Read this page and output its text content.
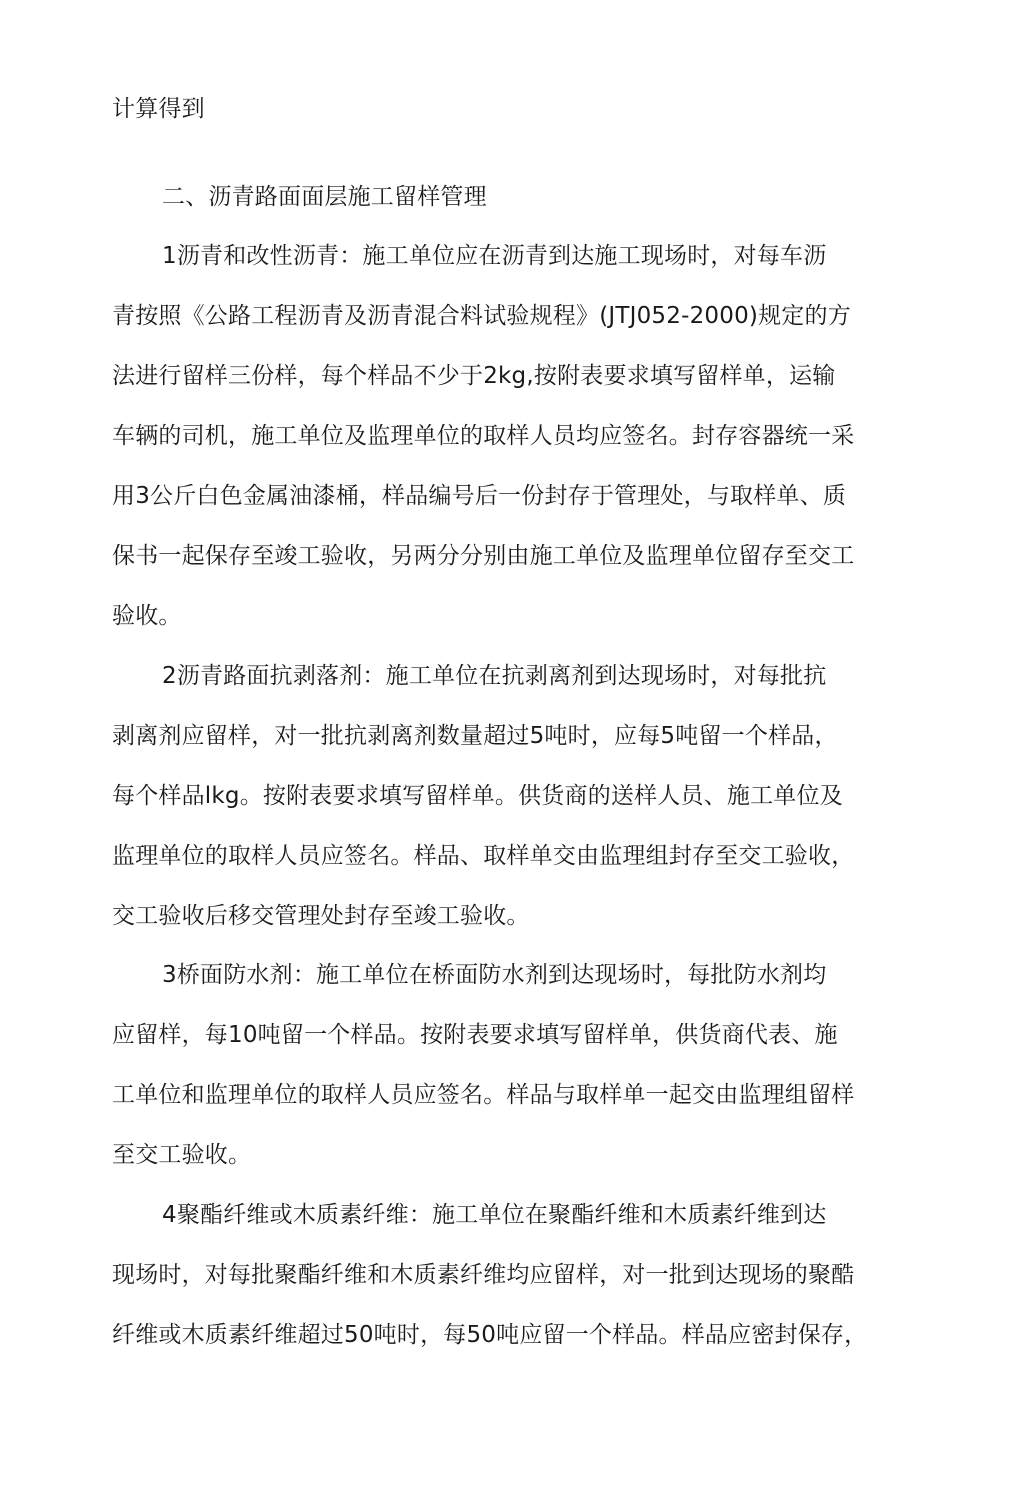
计算得到
二、沥青路面面层施工留样管理
1沥青和改性沥青：施工单位应在沥青到达施工现场时，对每车沥
青按照《公路工程沥青及沥青混合料试验规程》(JTJ052-2000)规定的方
法进行留样三份样，每个样品不少于2kg,按附表要求填写留样单，运输
车辆的司机，施工单位及监理单位的取样人员均应签名。封存容器统一采
用3公斤白色金属油漆桶，样品编号后一份封存于管理处，与取样单、质
保书一起保存至竣工验收，另两分分别由施工单位及监理单位留存至交工
验收。
2沥青路面抗剥落剂：施工单位在抗剥离剂到达现场时，对每批抗
剥离剂应留样，对一批抗剥离剂数量超过5吨时，应每5吨留一个样品，
每个样品lkg。按附表要求填写留样单。供货商的送样人员、施工单位及
监理单位的取样人员应签名。样品、取样单交由监理组封存至交工验收，
交工验收后移交管理处封存至竣工验收。
3桥面防水剂：施工单位在桥面防水剂到达现场时，每批防水剂均
应留样，每10吨留一个样品。按附表要求填写留样单，供货商代表、施
工单位和监理单位的取样人员应签名。样品与取样单一起交由监理组留样
至交工验收。
4聚酯纤维或木质素纤维：施工单位在聚酯纤维和木质素纤维到达
现场时，对每批聚酯纤维和木质素纤维均应留样，对一批到达现场的聚酷
纤维或木质素纤维超过50吨时，每50吨应留一个样品。样品应密封保存，
